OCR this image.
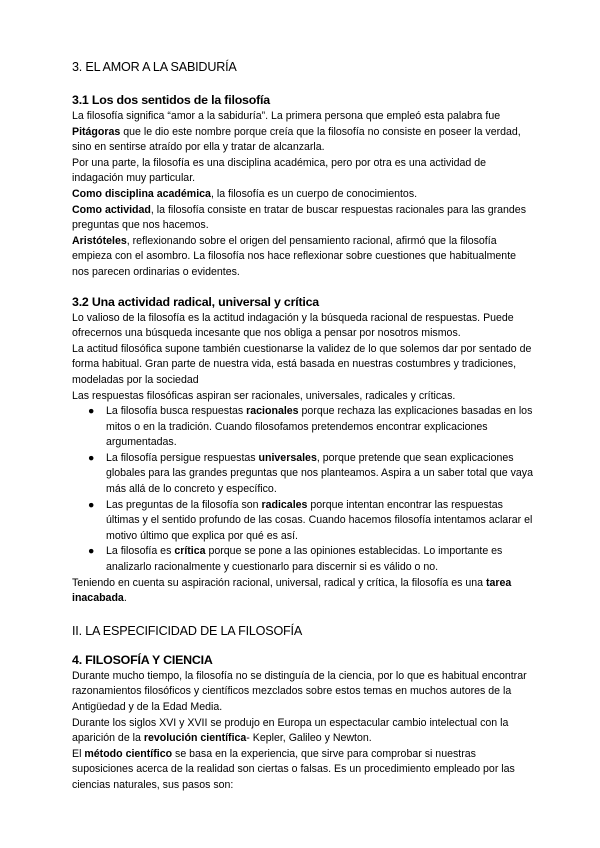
3. EL AMOR A LA SABIDURÍA
3.1 Los dos sentidos de la filosofía

La filosofía significa “amor a la sabiduría”. La primera persona que empleó esta palabra fue Pitágoras que le dio este nombre porque creía que la filosofía no consiste en poseer la verdad, sino en sentirse atraído por ella y tratar de alcanzarla.

Por una parte, la filosofía es una disciplina académica, pero por otra es una actividad de indagación muy particular.

Como disciplina académica, la filosofía es un cuerpo de conocimientos.

Como actividad, la filosofía consiste en tratar de buscar respuestas racionales para las grandes preguntas que nos hacemos.

Aristóteles, reflexionando sobre el origen del pensamiento racional, afirmó que la filosofía empieza con el asombro. La filosofía nos hace reflexionar sobre cuestiones que habitualmente nos parecen ordinarias o evidentes.

3.2 Una actividad radical, universal y crítica

Lo valioso de la filosofía es la actitud indagación y la búsqueda racional de respuestas. Puede ofrecernos una búsqueda incesante que nos obliga a pensar por nosotros mismos.

La actitud filosófica supone también cuestionarse la validez de lo que solemos dar por sentado de forma habitual. Gran parte de nuestra vida, está basada en nuestras costumbres y tradiciones, modeladas por la sociedad

Las respuestas filosóficas aspiran ser racionales, universales, radicales y críticas.

● La filosofía busca respuestas racionales porque rechaza las explicaciones basadas en los mitos o en la tradición. Cuando filosofamos pretendemos encontrar explicaciones argumentadas.
● La filosofía persigue respuestas universales, porque pretende que sean explicaciones globales para las grandes preguntas que nos planteamos. Aspira a un saber total que vaya más allá de lo concreto y específico.
● Las preguntas de la filosofía son radicales porque intentan encontrar las respuestas últimas y el sentido profundo de las cosas. Cuando hacemos filosofía intentamos aclarar el motivo último que explica por qué es así.
● La filosofía es crítica porque se pone a las opiniones establecidas. Lo importante es analizarlo racionalmente y cuestionarlo para discernir si es válido o no.

Teniendo en cuenta su aspiración racional, universal, radical y crítica, la filosofía es una tarea inacabada.

II. LA ESPECIFICIDAD DE LA FILOSOFÍA
4. FILOSOFÍA Y CIENCIA

Durante mucho tiempo, la filosofía no se distinguía de la ciencia, por lo que es habitual encontrar razonamientos filosóficos y científicos mezclados sobre estos temas en muchos autores de la Antigüedad y de la Edad Media.

Durante los siglos XVI y XVII se produjo en Europa un espectacular cambio intelectual con la aparición de la revolución científica- Kepler, Galileo y Newton.

El método científico se basa en la experiencia, que sirve para comprobar si nuestras suposiciones acerca de la realidad son ciertas o falsas. Es un procedimiento empleado por las ciencias naturales, sus pasos son:
